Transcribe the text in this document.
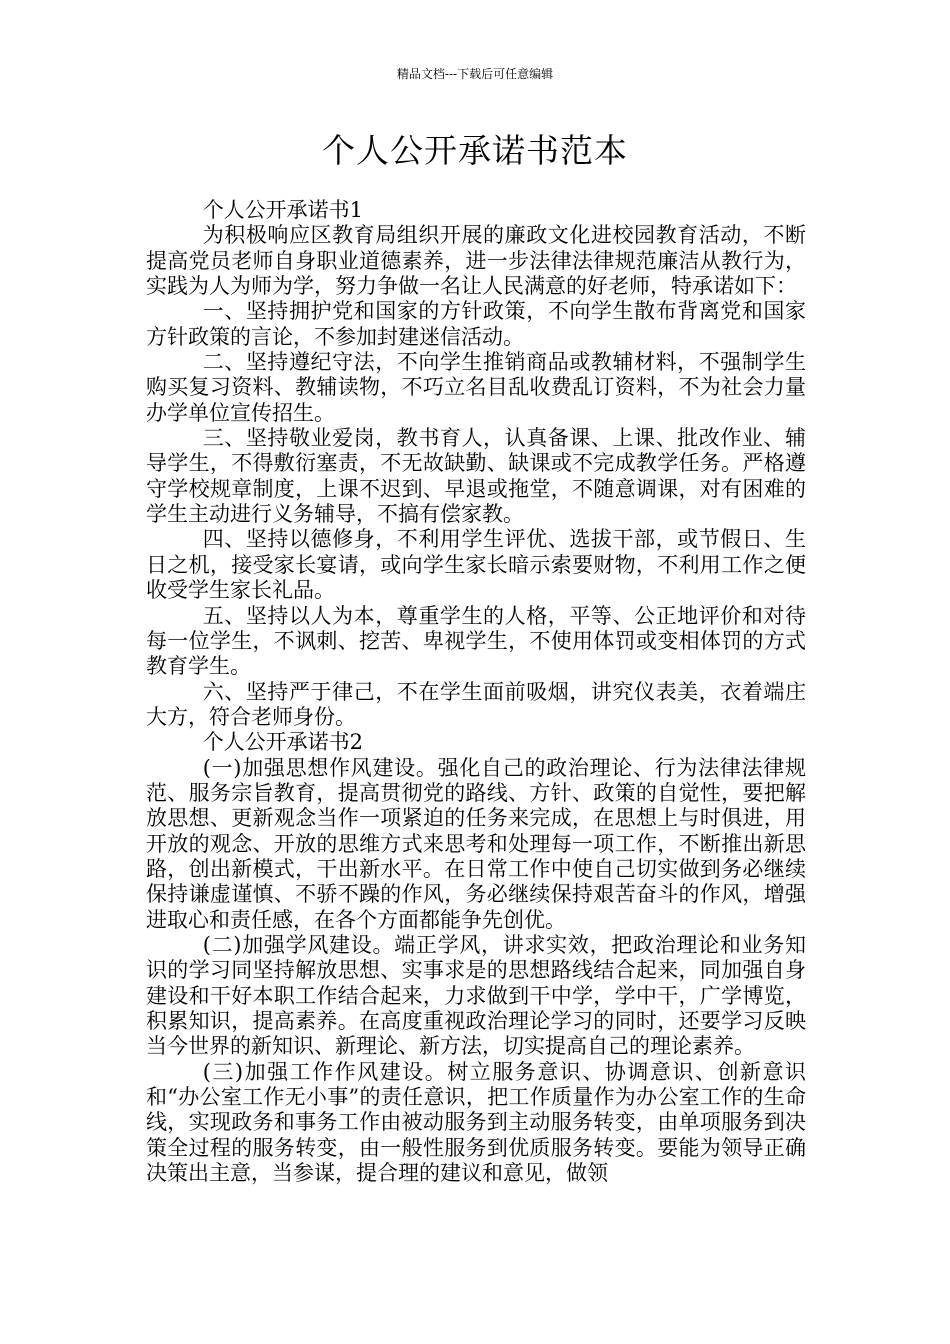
精品文档---下载后可任意编辑
个人公开承诺书范本

个人公开承诺书1

为积极响应区教育局组织开展的廉政文化进校园教育活动，不断提高党员老师自身职业道德素养，进一步法律法律规范廉洁从教行为，实践为人为师为学，努力争做一名让人民满意的好老师，特承诺如下：

一、坚持拥护党和国家的方针政策，不向学生散布背离党和国家方针政策的言论，不参加封建迷信活动。

二、坚持遵纪守法，不向学生推销商品或教辅材料，不强制学生购买复习资料、教辅读物，不巧立名目乱收费乱订资料，不为社会力量办学单位宣传招生。

三、坚持敬业爱岗，教书育人，认真备课、上课、批改作业、辅导学生，不得敷衍塞责，不无故缺勤、缺课或不完成教学任务。严格遵守学校规章制度，上课不迟到、早退或拖堂，不随意调课，对有困难的学生主动进行义务辅导，不搞有偿家教。

四、坚持以德修身，不利用学生评优、选拔干部，或节假日、生日之机，接受家长宴请，或向学生家长暗示索要财物，不利用工作之便收受学生家长礼品。

五、坚持以人为本，尊重学生的人格，平等、公正地评价和对待每一位学生，不讽刺、挖苦、卑视学生，不使用体罚或变相体罚的方式教育学生。

六、坚持严于律己，不在学生面前吸烟，讲究仪表美，衣着端庄大方，符合老师身份。

个人公开承诺书2

(一)加强思想作风建设。强化自己的政治理论、行为法律法律规范、服务宗旨教育，提高贯彻党的路线、方针、政策的自觉性，要把解放思想、更新观念当作一项紧迫的任务来完成，在思想上与时俱进，用开放的观念、开放的思维方式来思考和处理每一项工作，不断推出新思路，创出新模式，干出新水平。在日常工作中使自己切实做到务必继续保持谦虚谨慎、不骄不躁的作风，务必继续保持艰苦奋斗的作风，增强进取心和责任感，在各个方面都能争先创优。

(二)加强学风建设。端正学风，讲求实效，把政治理论和业务知识的学习同坚持解放思想、实事求是的思想路线结合起来，同加强自身建设和干好本职工作结合起来，力求做到干中学，学中干，广学博览，积累知识，提高素养。在高度重视政治理论学习的同时，还要学习反映当今世界的新知识、新理论、新方法，切实提高自己的理论素养。

(三)加强工作作风建设。树立服务意识、协调意识、创新意识和“办公室工作无小事”的责任意识，把工作质量作为办公室工作的生命线，实现政务和事务工作由被动服务到主动服务转变，由单项服务到决策全过程的服务转变，由一般性服务到优质服务转变。要能为领导正确决策出主意，当参谋，提合理的建议和意见，做领
